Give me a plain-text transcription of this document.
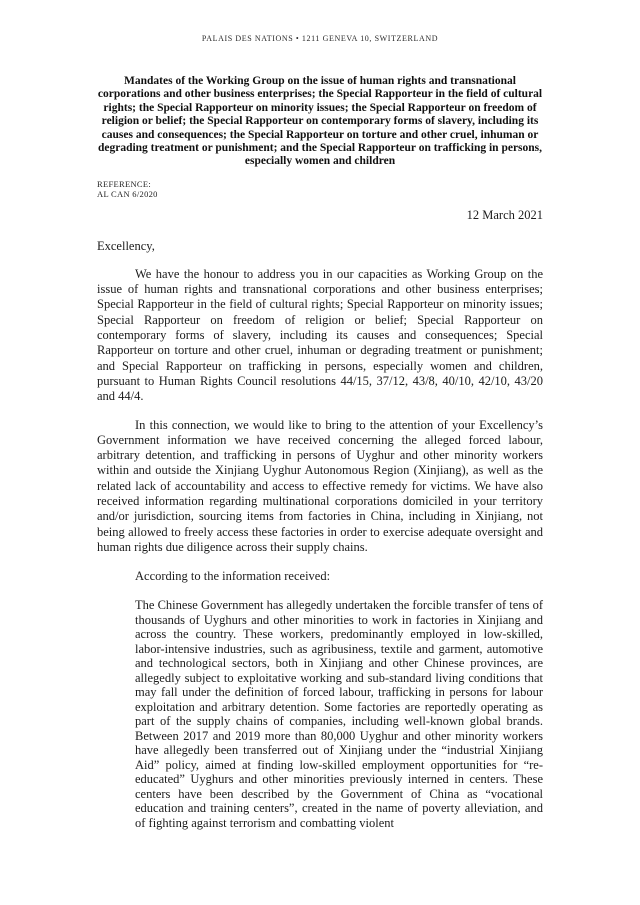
PALAIS DES NATIONS • 1211 GENEVA 10, SWITZERLAND
Mandates of the Working Group on the issue of human rights and transnational corporations and other business enterprises; the Special Rapporteur in the field of cultural rights; the Special Rapporteur on minority issues; the Special Rapporteur on freedom of religion or belief; the Special Rapporteur on contemporary forms of slavery, including its causes and consequences; the Special Rapporteur on torture and other cruel, inhuman or degrading treatment or punishment; and the Special Rapporteur on trafficking in persons, especially women and children
REFERENCE:
AL CAN 6/2020
12 March 2021
Excellency,

We have the honour to address you in our capacities as Working Group on the issue of human rights and transnational corporations and other business enterprises; Special Rapporteur in the field of cultural rights; Special Rapporteur on minority issues; Special Rapporteur on freedom of religion or belief; Special Rapporteur on contemporary forms of slavery, including its causes and consequences; Special Rapporteur on torture and other cruel, inhuman or degrading treatment or punishment; and Special Rapporteur on trafficking in persons, especially women and children, pursuant to Human Rights Council resolutions 44/15, 37/12, 43/8, 40/10, 42/10, 43/20 and 44/4.

In this connection, we would like to bring to the attention of your Excellency’s Government information we have received concerning the alleged forced labour, arbitrary detention, and trafficking in persons of Uyghur and other minority workers within and outside the Xinjiang Uyghur Autonomous Region (Xinjiang), as well as the related lack of accountability and access to effective remedy for victims. We have also received information regarding multinational corporations domiciled in your territory and/or jurisdiction, sourcing items from factories in China, including in Xinjiang, not being allowed to freely access these factories in order to exercise adequate oversight and human rights due diligence across their supply chains.

According to the information received:

The Chinese Government has allegedly undertaken the forcible transfer of tens of thousands of Uyghurs and other minorities to work in factories in Xinjiang and across the country. These workers, predominantly employed in low-skilled, labor-intensive industries, such as agribusiness, textile and garment, automotive and technological sectors, both in Xinjiang and other Chinese provinces, are allegedly subject to exploitative working and sub-standard living conditions that may fall under the definition of forced labour, trafficking in persons for labour exploitation and arbitrary detention. Some factories are reportedly operating as part of the supply chains of companies, including well-known global brands. Between 2017 and 2019 more than 80,000 Uyghur and other minority workers have allegedly been transferred out of Xinjiang under the “industrial Xinjiang Aid” policy, aimed at finding low-skilled employment opportunities for “re-educated” Uyghurs and other minorities previously interned in centers. These centers have been described by the Government of China as “vocational education and training centers”, created in the name of poverty alleviation, and of fighting against terrorism and combatting violent
